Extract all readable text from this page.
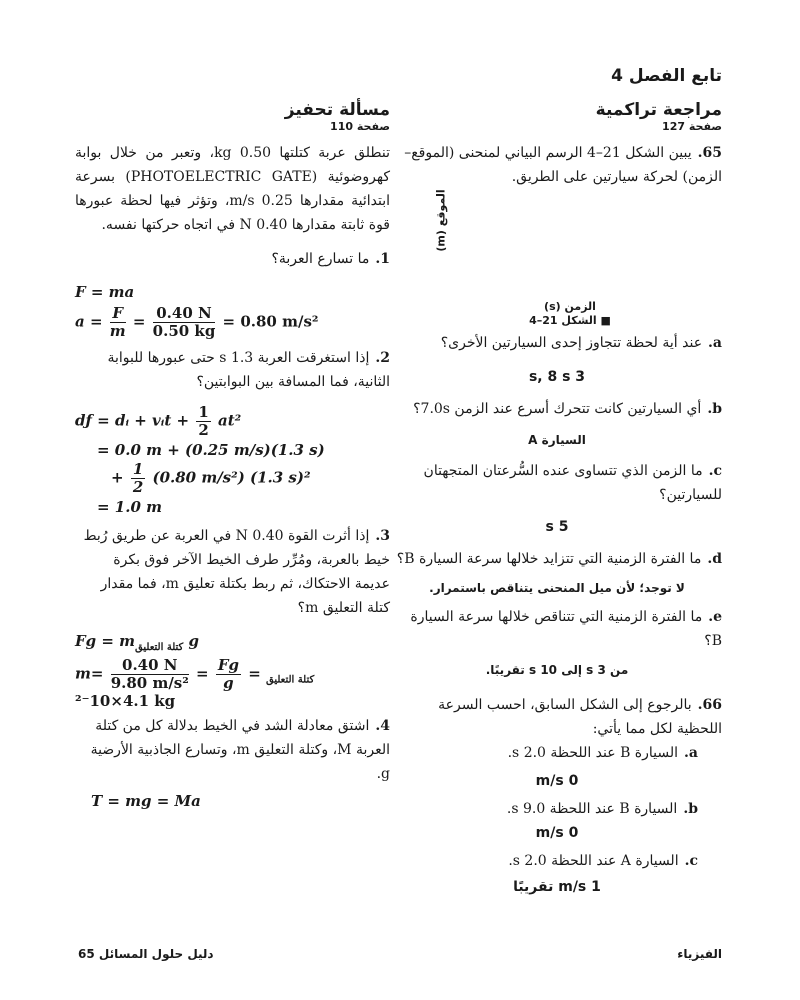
تابع الفصل 4
مراجعة تراكمية
صفحة 127
65.يبين الشكل 21–4 الرسم البياني لمنحنى (الموقع–الزمن) لحركة سيارتين على الطريق.
a.عند أية لحظة تتجاوز إحدى السيارتين الأخرى؟
3 s, 8 s
b.أي السيارتين كانت تتحرك أسرع عند الزمن 7.0s؟
السيارة A
c.ما الزمن الذي تتساوى عنده السُّرعتان المتجهتان للسيارتين؟
5 s
d.ما الفترة الزمنية التي تتزايد خلالها سرعة السيارة B؟
لا توجد؛ لأن ميل المنحنى يتناقص باستمرار.
e.ما الفترة الزمنية التي تتناقص خلالها سرعة السيارة B؟
من 3 s إلى 10 s تقريبًا.
66.بالرجوع إلى الشكل السابق، احسب السرعة اللحظية لكل مما يأتي:
a.السيارة B عند اللحظة 2.0 s.
0 m/s
b.السيارة B عند اللحظة 9.0 s.
0 m/s
c.السيارة A عند اللحظة 2.0 s.
1 m/s تقريبًا
الموقع (m)
الزمن (s)
■ الشكل 21–4
مسألة تحفيز
صفحة 110
تنطلق عربة كتلتها 0.50 kg، وتعبر من خلال بوابة كهروضوئية (PHOTOELECTRIC GATE) بسرعة ابتدائية مقدارها 0.25 m/s، وتؤثر فيها لحظة عبورها قوة ثابتة مقدارها 0.40 N في اتجاه حركتها نفسه.
1.ما تسارع العربة؟
F = ma
$a = \frac{F}{m} = \frac{0.40 N}{0.50 kg} = 0.80$ m/s²
2.إذا استغرقت العربة 1.3 s حتى عبورها للبوابة الثانية، فما المسافة بين البوابتين؟
dƒ = dᵢ + vᵢt + $\frac{1}{2} at^2$
= 0.0 m + (0.25 m/s)(1.3 s)
+ $\frac{1}{2} (0.80$ m/s²) (1.3 s)²
= 1.0 m
3.إذا أثرت القوة 0.40 N في العربة عن طريق رُبط خيط بالعربة، ومُرِّر طرف الخيط الآخر فوق بكرة عديمة الاحتكاك، ثم ربط بكتلة تعليق m، فما مقدار كتلة التعليق m؟
$Fg = m_{كتلة التعليق}$ g
m	$_{كتلة التعليق}$ =
$\frac{Fg}{g}$
=
$\frac{0.40 N}{\text{9.80 m/s²}}$
= 4.1×10⁻² kg
4.اشتق معادلة الشد في الخيط بدلالة كل من كتلة العربة M، وكتلة التعليق m، وتسارع الجاذبية الأرضية g.
T = mg = Ma
دليل حلول المسائل 65	الفيزياء
